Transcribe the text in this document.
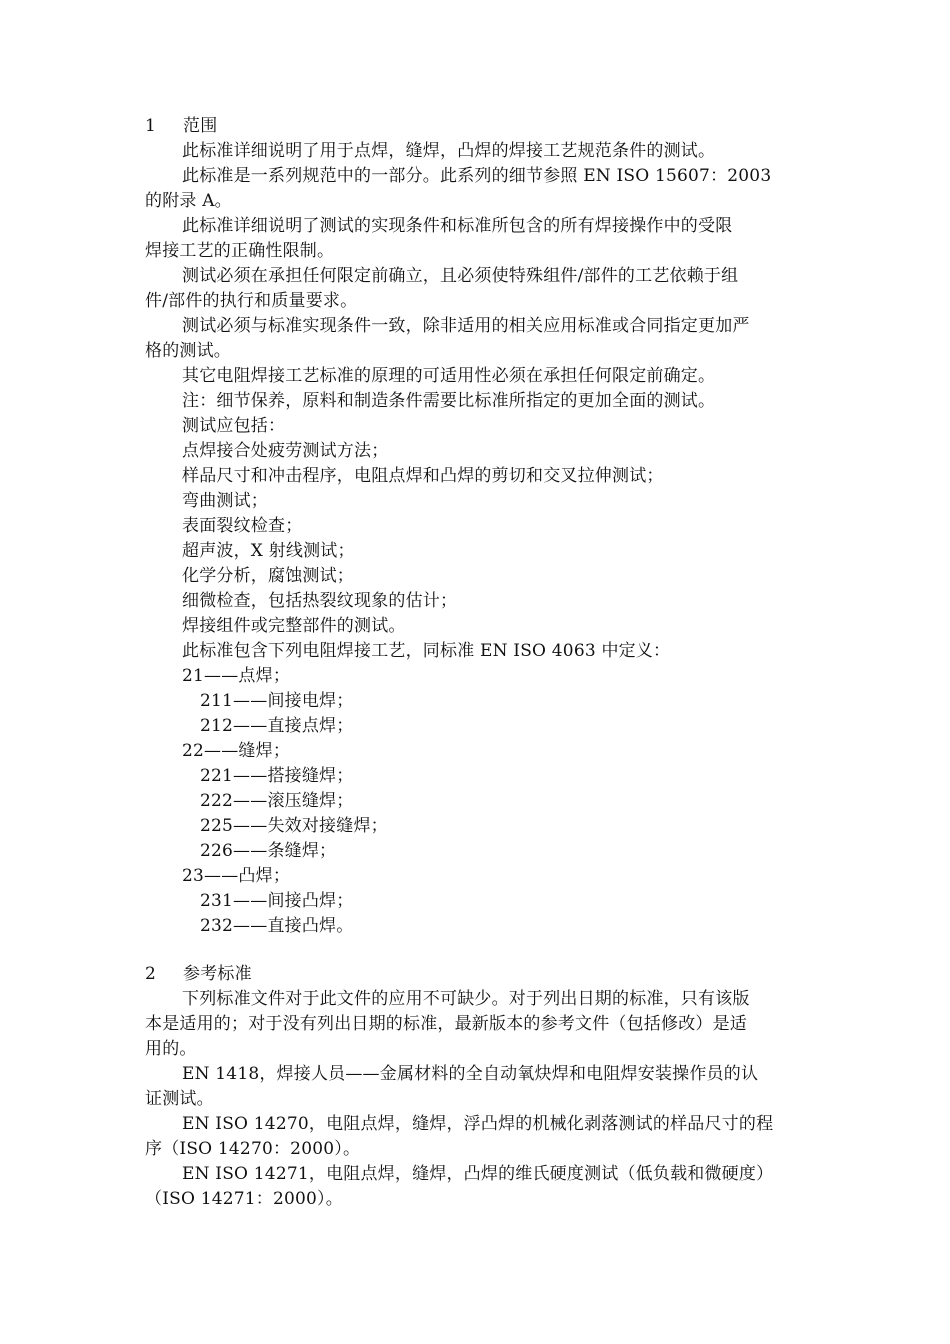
1 范围
此标准详细说明了用于点焊，缝焊，凸焊的焊接工艺规范条件的测试。
此标准是一系列规范中的一部分。此系列的细节参照 EN ISO 15607：2003
的附录 A。
此标准详细说明了测试的实现条件和标准所包含的所有焊接操作中的受限
焊接工艺的正确性限制。
测试必须在承担任何限定前确立，且必须使特殊组件/部件的工艺依赖于组
件/部件的执行和质量要求。
测试必须与标准实现条件一致，除非适用的相关应用标准或合同指定更加严
格的测试。
其它电阻焊接工艺标准的原理的可适用性必须在承担任何限定前确定。
注：细节保养，原料和制造条件需要比标准所指定的更加全面的测试。
测试应包括：
点焊接合处疲劳测试方法；
样品尺寸和冲击程序，电阻点焊和凸焊的剪切和交叉拉伸测试；
弯曲测试；
表面裂纹检查；
超声波，X 射线测试；
化学分析，腐蚀测试；
细微检查，包括热裂纹现象的估计；
焊接组件或完整部件的测试。
此标准包含下列电阻焊接工艺，同标准 EN ISO 4063 中定义：
21——点焊；
211——间接电焊；
212——直接点焊；
22——缝焊；
221——搭接缝焊；
222——滚压缝焊；
225——失效对接缝焊；
226——条缝焊；
23——凸焊；
231——间接凸焊；
232——直接凸焊。
2 参考标准
下列标准文件对于此文件的应用不可缺少。对于列出日期的标准，只有该版
本是适用的；对于没有列出日期的标准，最新版本的参考文件（包括修改）是适
用的。
EN 1418，焊接人员——金属材料的全自动氧炔焊和电阻焊安装操作员的认
证测试。
EN ISO 14270，电阻点焊，缝焊，浮凸焊的机械化剥落测试的样品尺寸的程
序（ISO 14270：2000）。
EN ISO 14271，电阻点焊，缝焊，凸焊的维氏硬度测试（低负载和微硬度）
（ISO 14271：2000）。
